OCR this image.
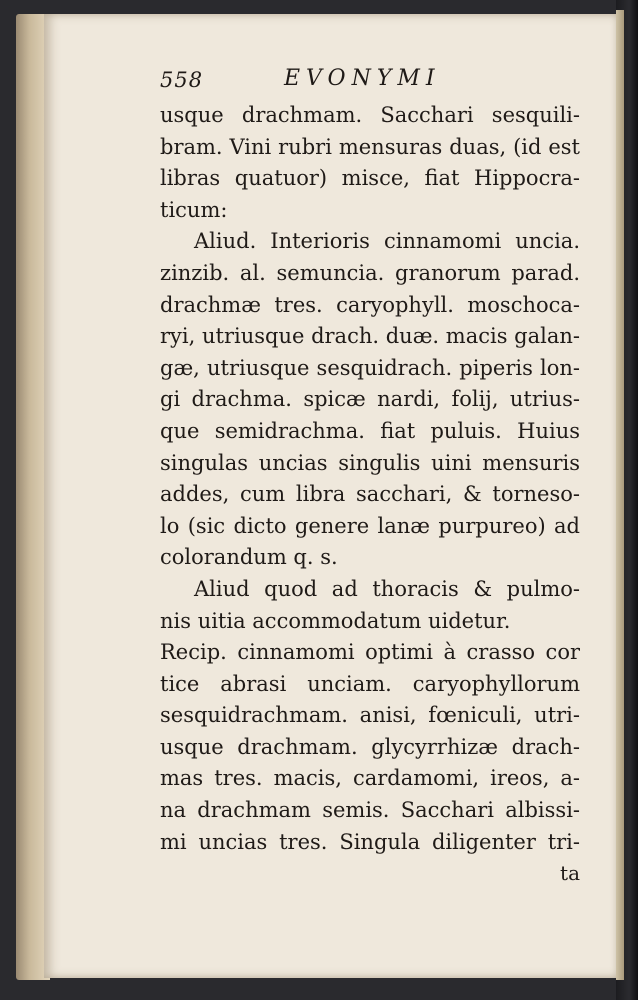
558	EVONYMI
usque drachmam. Sacchari sesquili-
bram. Vini rubri mensuras duas, (id est
libras quatuor) misce, fiat Hippocra-
ticum:
Aliud. Interioris cinnamomi uncia.
zinzib. al. semuncia. granorum parad.
drachmæ tres. caryophyll. moschoca-
ryi, utriusque drach. duæ. macis galan-
gæ, utriusque sesquidrach. piperis lon-
gi drachma. spicæ nardi, folij, utrius-
que semidrachma. fiat puluis. Huius
singulas uncias singulis uini mensuris
addes, cum libra sacchari, & tornesο-
lo (sic dicto genere lanæ purpureo) ad
colorandum q. s.
Aliud quod ad thoracis & pulmo-
nis uitia accommodatum uidetur.
Recip. cinnamomi optimi à crasso cor
tice abrasi unciam. caryophyllorum
sesquidrachmam. anisi, fœniculi, utri-
usque drachmam. glycyrrhizæ drach-
mas tres. macis, cardamomi, ireos, a-
na drachmam semis. Sacchari albissi-
mi uncias tres. Singula diligenter tri-
ta
